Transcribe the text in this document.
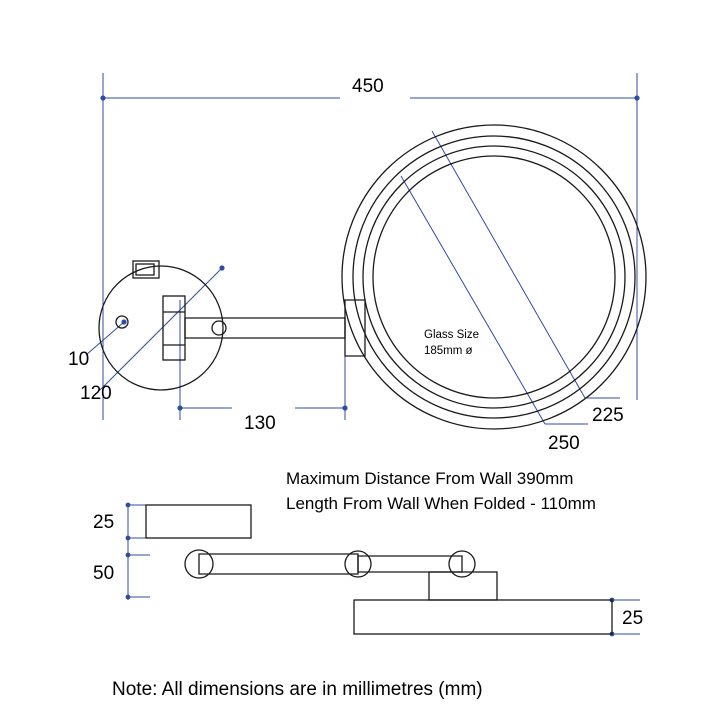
450
10
120
130	225
250
25
50
25
Glass Size
185mm ø
Maximum Distance From Wall 390mm
Length From Wall When Folded - 110mm
Note: All dimensions are in millimetres (mm)
